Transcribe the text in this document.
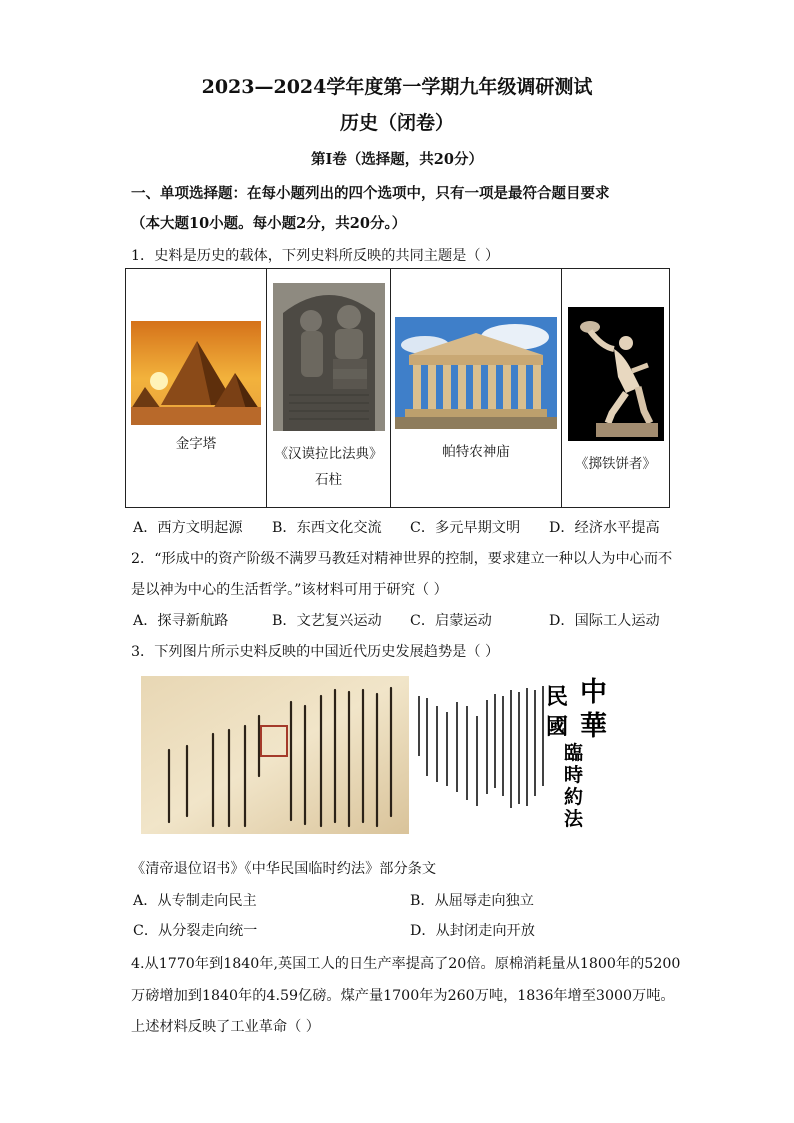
2023—2024学年度第一学期九年级调研测试
历史（闭卷）
第Ⅰ卷（选择题，共20分）
一、单项选择题：在每小题列出的四个选项中，只有一项是最符合题目要求
（本大题10小题。每小题2分，共20分。）
1．史料是历史的载体，下列史料所反映的共同主题是（ ）
金字塔

《汉谟拉比法典》
石柱

帕特农神庙

《掷铁饼者》
A．西方文明起源 B．东西文化交流 C．多元早期文明 D．经济水平提高
2．“形成中的资产阶级不满罗马教廷对精神世界的控制，要求建立一种以人为中心而不
是以神为中心的生活哲学。”该材料可用于研究（ ）
A．探寻新航路	B．文艺复兴运动 C．启蒙运动	D．国际工人运动
3．下列图片所示史料反映的中国近代历史发展趋势是（ ）
中華
民國
臨時約法
《清帝退位诏书》《中华民国临时约法》部分条文
A．从专制走向民主	B．从屈辱走向独立
C．从分裂走向统一	D．从封闭走向开放
4.从1770年到1840年,英国工人的日生产率提高了20倍。原棉消耗量从1800年的5200
万磅增加到1840年的4.59亿磅。煤产量1700年为260万吨，1836年增至3000万吨。
上述材料反映了工业革命（ ）
